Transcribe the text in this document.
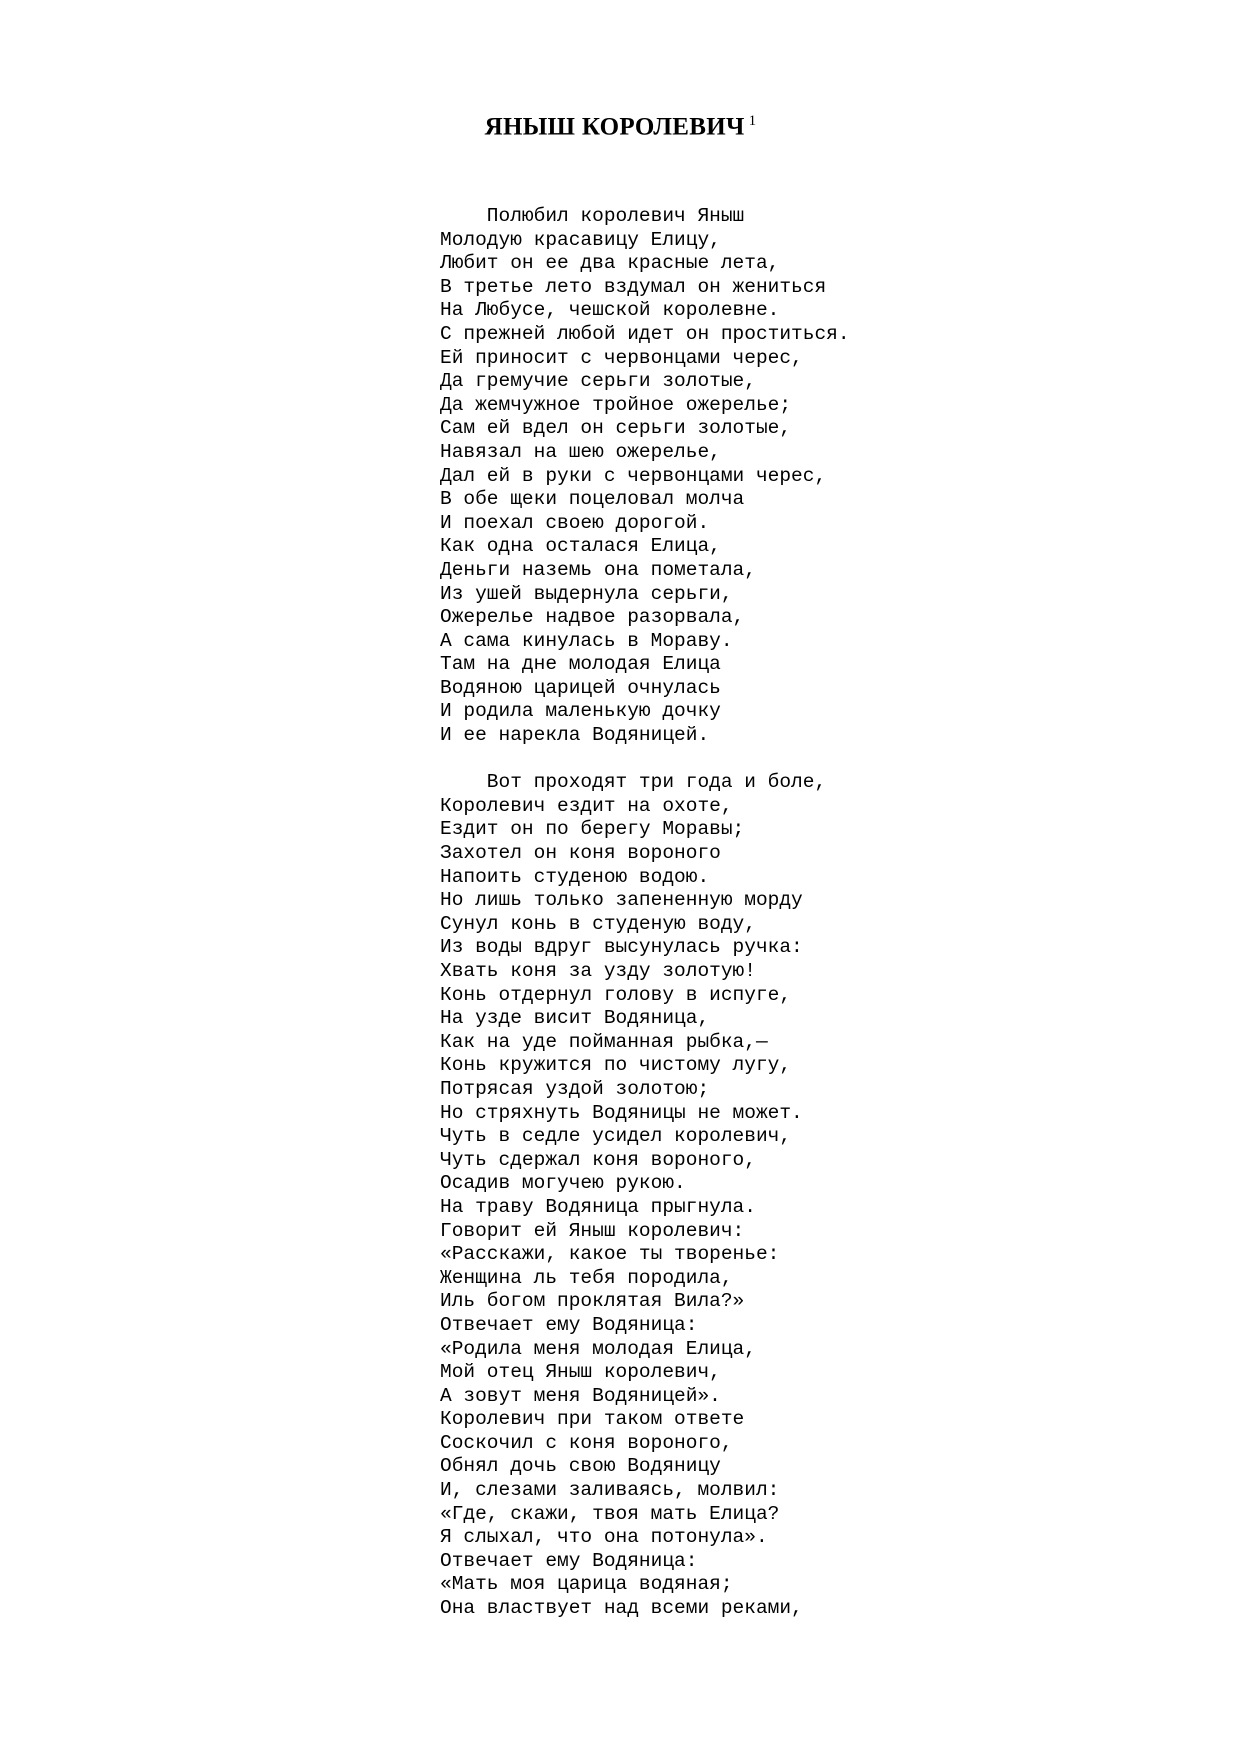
ЯНЫШ КОРОЛЕВИЧ $^1$
Полюбил королевич Яныш
Молодую красавицу Елицу,
Любит он ее два красные лета,
В третье лето вздумал он жениться
На Любусе, чешской королевне.
С прежней любой идет он проститься.
Ей приносит с червонцами черес,
Да гремучие серьги золотые,
Да жемчужное тройное ожерелье;
Сам ей вдел он серьги золотые,
Навязал на шею ожерелье,
Дал ей в руки с червонцами черес,
В обе щеки поцеловал молча
И поехал своею дорогой.
Как одна осталася Елица,
Деньги наземь она пометала,
Из ушей выдернула серьги,
Ожерелье надвое разорвала,
А сама кинулась в Мораву.
Там на дне молодая Елица
Водяною царицей очнулась
И родила маленькую дочку
И ее нарекла Водяницей.
Вот проходят три года и боле,
Королевич ездит на охоте,
Ездит он по берегу Моравы;
Захотел он коня вороного
Напоить студеною водою.
Но лишь только запененную морду
Сунул конь в студеную воду,
Из воды вдруг высунулась ручка:
Хвать коня за узду золотую!
Конь отдернул голову в испуге,
На узде висит Водяница,
Как на уде пойманная рыбка,—
Конь кружится по чистому лугу,
Потрясая уздой золотою;
Но стряхнуть Водяницы не может.
Чуть в седле усидел королевич,
Чуть сдержал коня вороного,
Осадив могучею рукою.
На траву Водяница прыгнула.
Говорит ей Яныш королевич:
«Расскажи, какое ты творенье:
Женщина ль тебя породила,
Иль богом проклятая Вила?»
Отвечает ему Водяница:
«Родила меня молодая Елица,
Мой отец Яныш королевич,
А зовут меня Водяницей».
Королевич при таком ответе
Соскочил с коня вороного,
Обнял дочь свою Водяницу
И, слезами заливаясь, молвил:
«Где, скажи, твоя мать Елица?
Я слыхал, что она потонула».
Отвечает ему Водяница:
«Мать моя царица водяная;
Она властвует над всеми реками,
